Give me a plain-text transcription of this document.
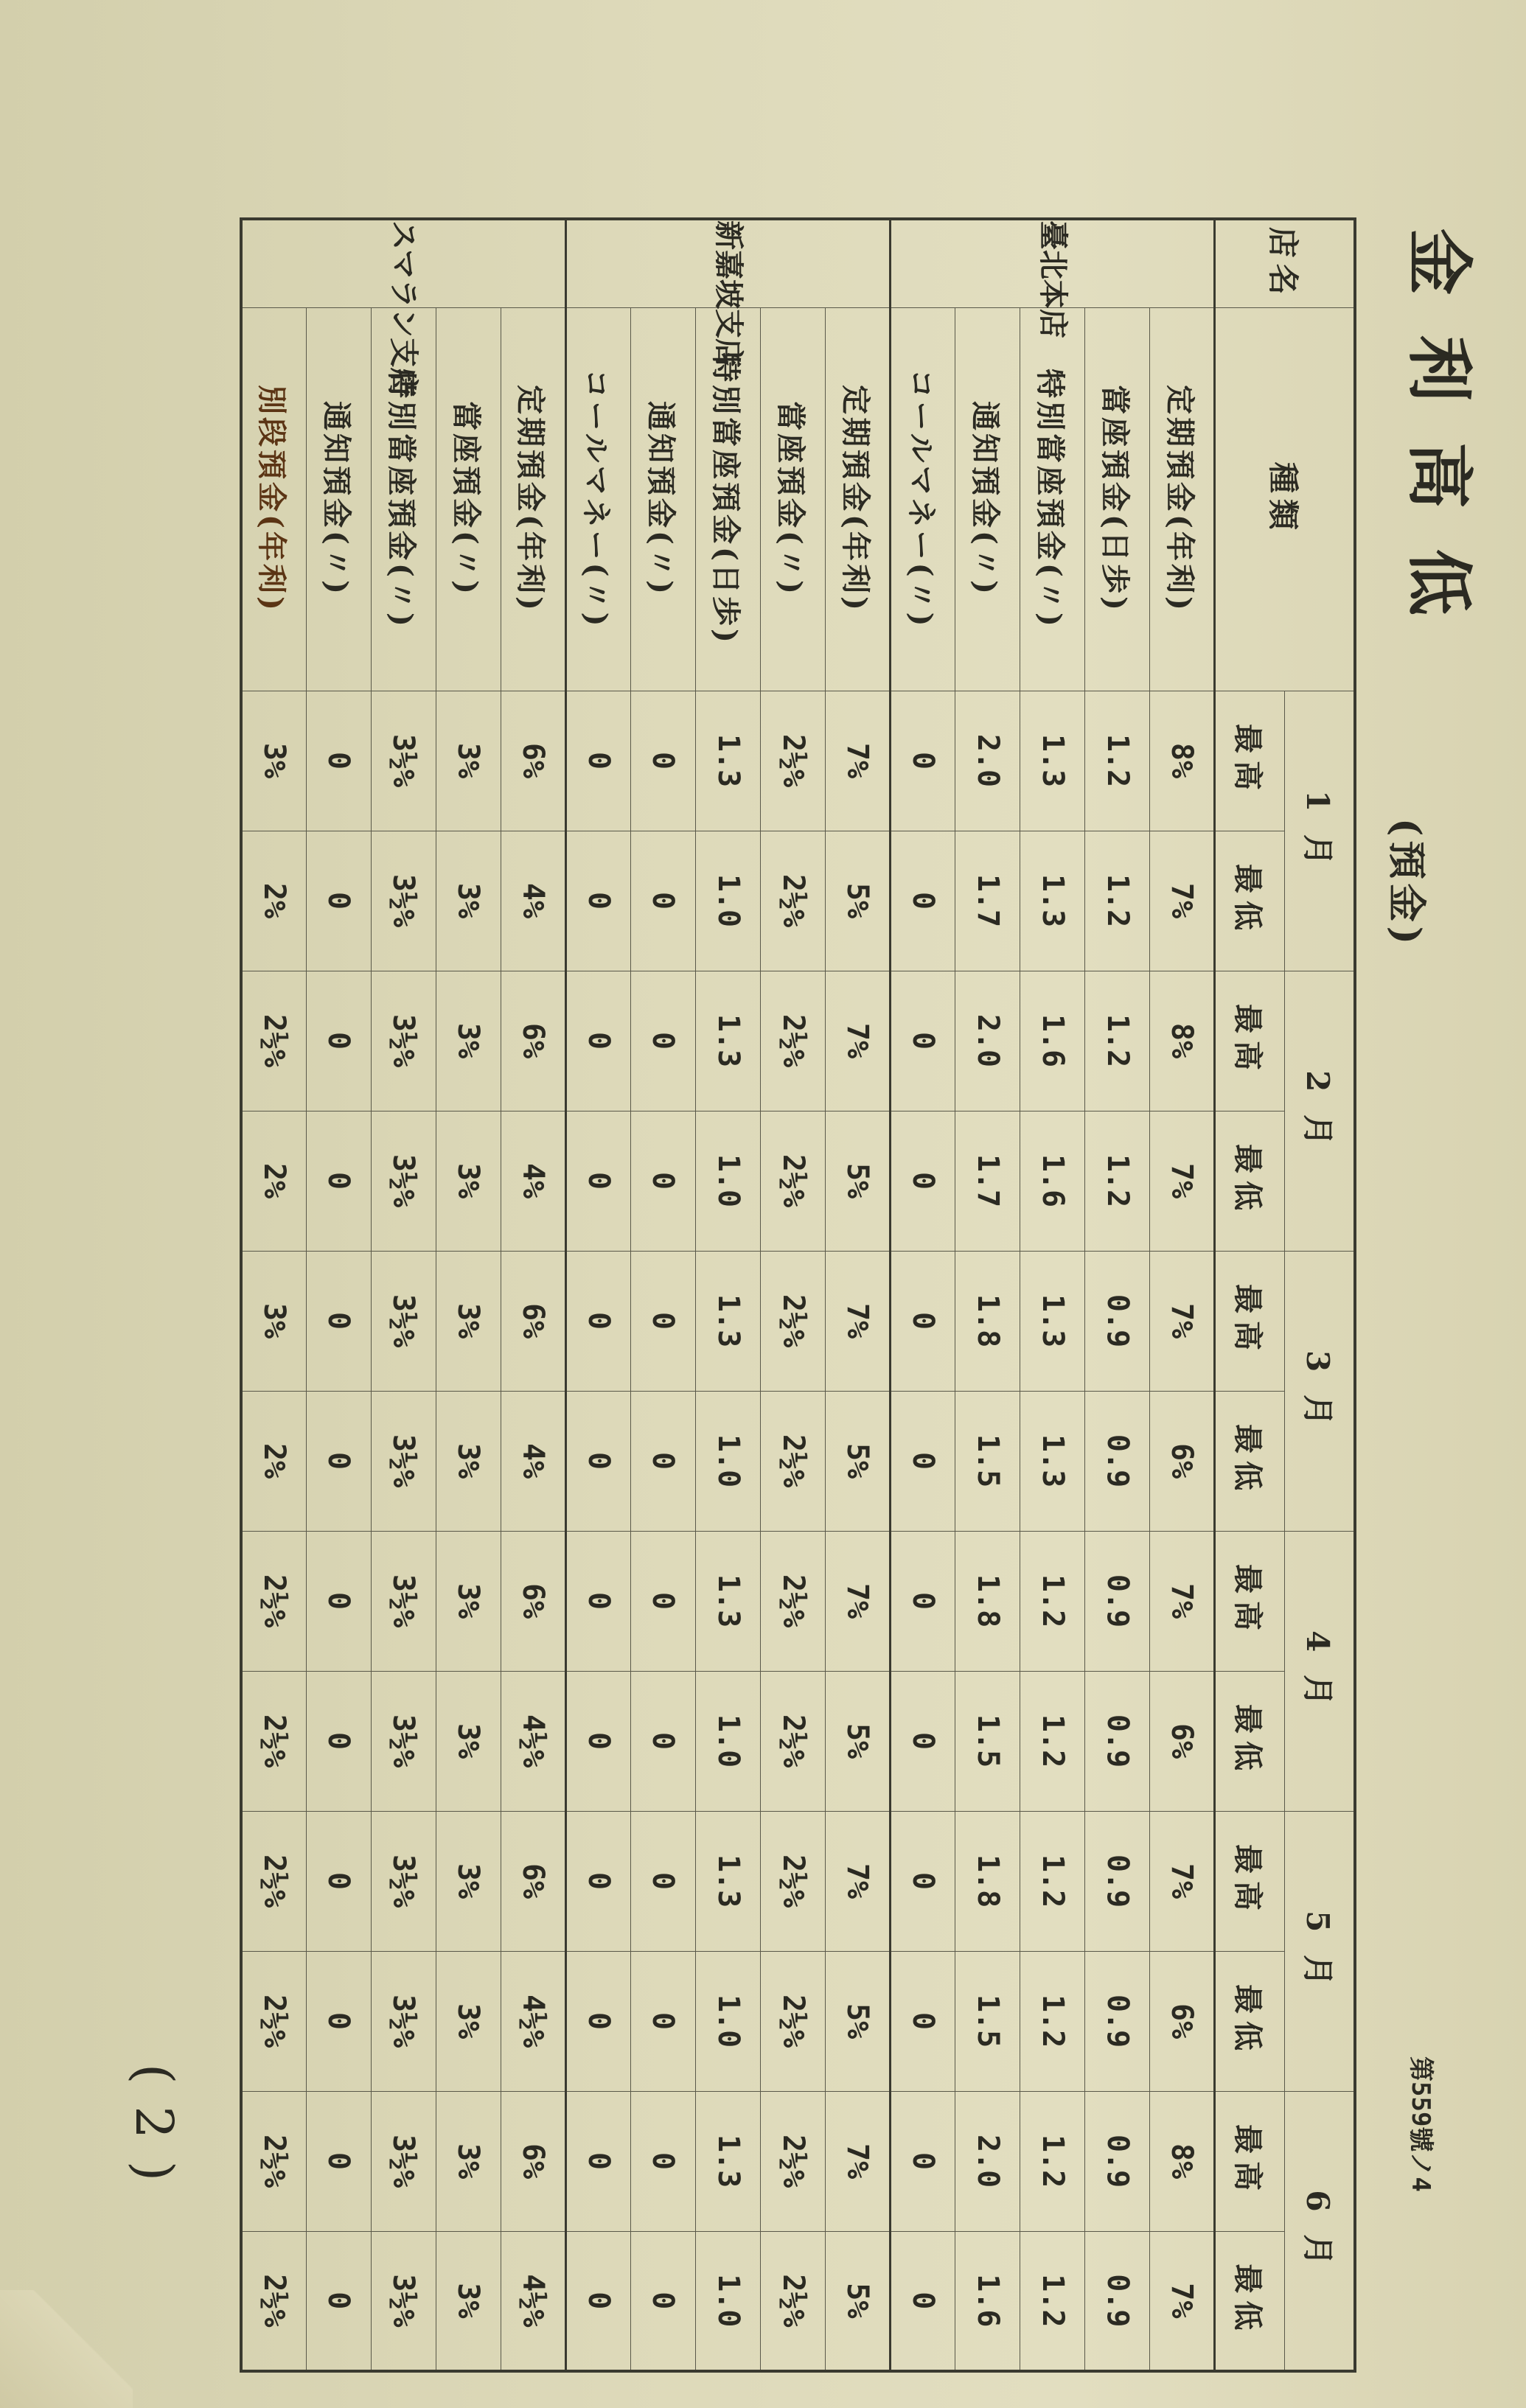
金利高低
(預金)
第559號ノ4
(2)
店名	種類	1 月		2 月		3 月		4 月		5 月		6 月	
		最高	最低	最高	最低	最高	最低	最高	最低	最高	最低	最高	最低
臺北本店	定期預金(年利)	8%	7%	8%	7%	7%	6%	7%	6%	7%	6%	8%	7%
	當座預金(日歩)	1.2	1.2	1.2	1.2	0.9	0.9	0.9	0.9	0.9	0.9	0.9	0.9
	特別當座預金(〃)	1.3	1.3	1.6	1.6	1.3	1.3	1.2	1.2	1.2	1.2	1.2	1.2
	通知預金(〃)	2.0	1.7	2.0	1.7	1.8	1.5	1.8	1.5	1.8	1.5	2.0	1.6
	コールマネー(〃)	0	0	0	0	0	0	0	0	0	0	0	0
新嘉坡支店	定期預金(年利)	7%	5%	7%	5%	7%	5%	7%	5%	7%	5%	7%	5%
	當座預金(〃)	2½%	2½%	2½%	2½%	2½%	2½%	2½%	2½%	2½%	2½%	2½%	2½%
	特別當座預金(日歩)	1.3	1.0	1.3	1.0	1.3	1.0	1.3	1.0	1.3	1.0	1.3	1.0
	通知預金(〃)	0	0	0	0	0	0	0	0	0	0	0	0
	コールマネー(〃)	0	0	0	0	0	0	0	0	0	0	0	0
スマラン支店	定期預金(年利)	6%	4%	6%	4%	6%	4%	6%	4½%	6%	4½%	6%	4½%
	當座預金(〃)	3%	3%	3%	3%	3%	3%	3%	3%	3%	3%	3%	3%
	特別當座預金(〃)	3½%	3½%	3½%	3½%	3½%	3½%	3½%	3½%	3½%	3½%	3½%	3½%
	通知預金(〃)	0	0	0	0	0	0	0	0	0	0	0	0
	別段預金(年利)	3%	2%	2½%	2%	3%	2%	2½%	2½%	2½%	2½%	2½%	2½%
